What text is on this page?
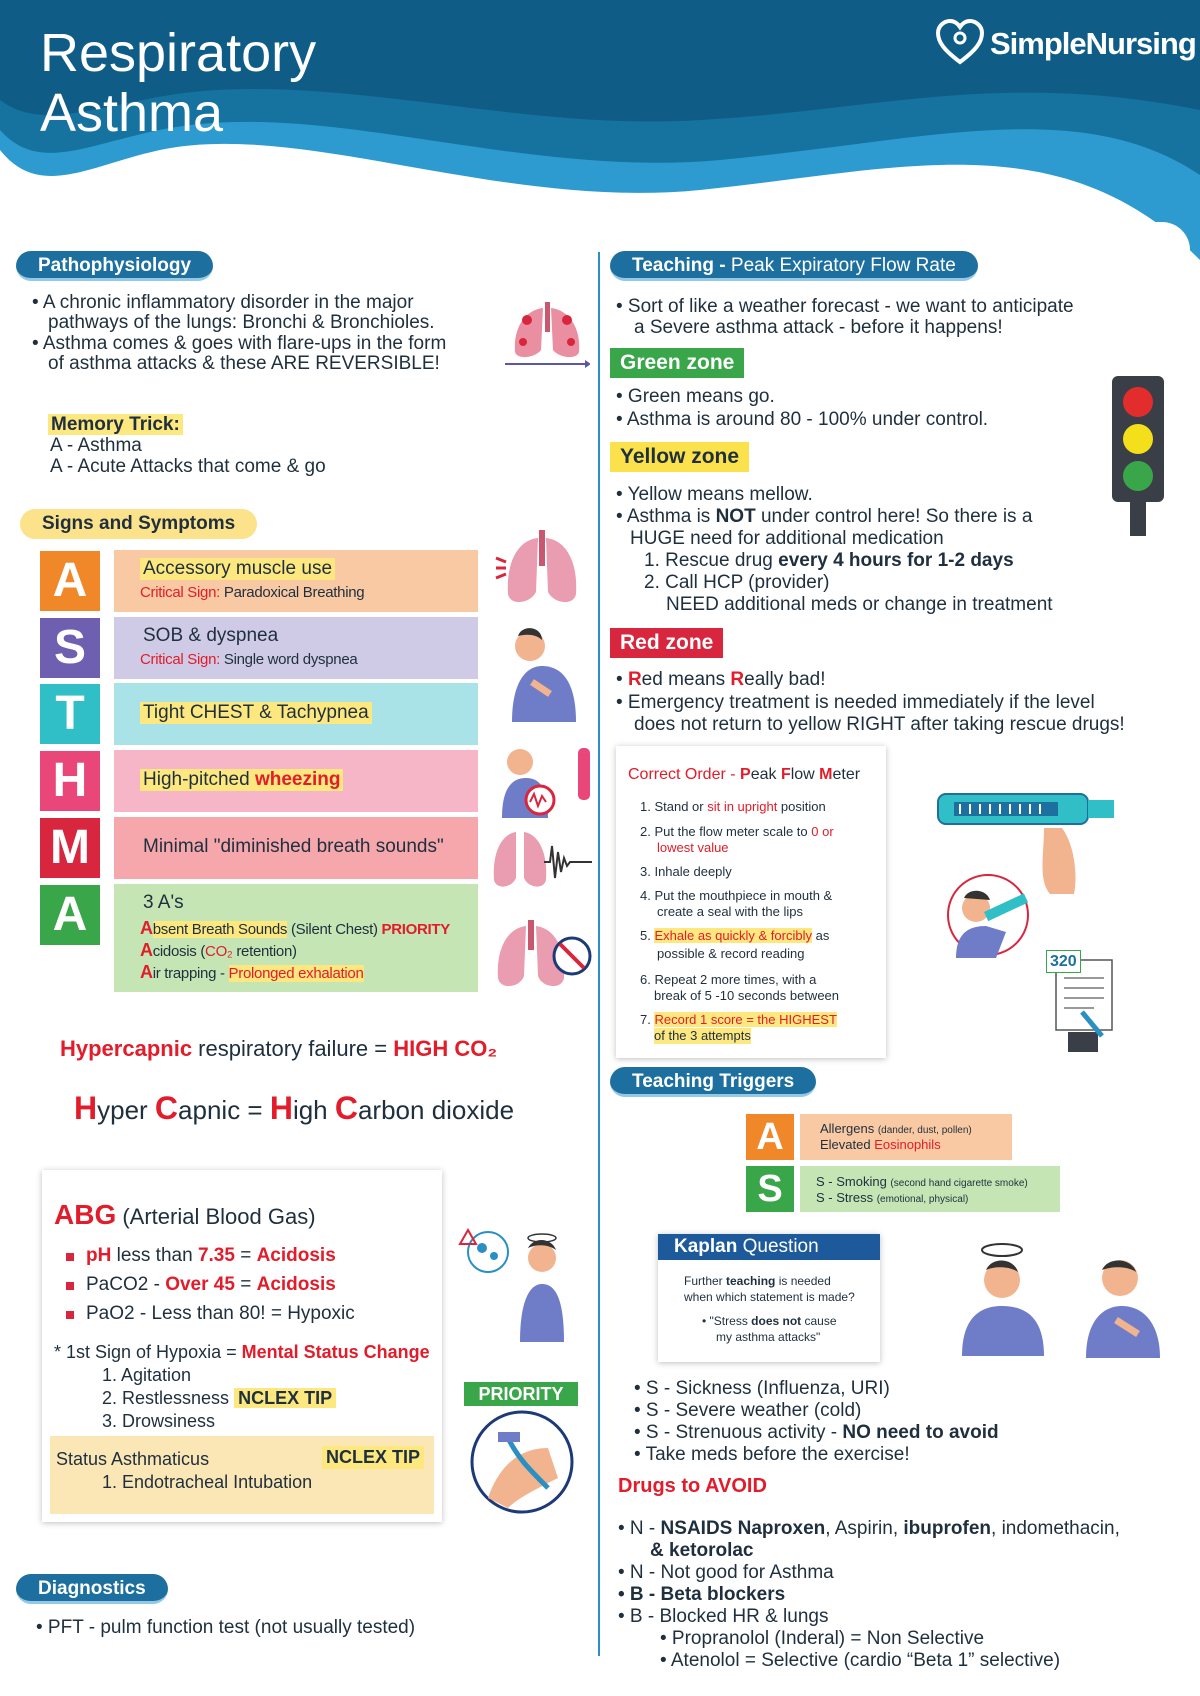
Respiratory
Asthma
SimpleNursing
Pathophysiology
• A chronic inflammatory disorder in the major
pathways of the lungs: Bronchi & Bronchioles.
• Asthma comes & goes with flare-ups in the form
of asthma attacks & these ARE REVERSIBLE!
Memory Trick:
A - Asthma
A - Acute Attacks that come & go
Signs and Symptoms
A	Accessory muscle use
Critical Sign: Paradoxical Breathing
S	SOB & dyspnea
Critical Sign: Single word dyspnea
T	Tight CHEST & Tachypnea
H	High-pitched wheezing
M	Minimal "diminished breath sounds"
A	3 A's
Absent Breath Sounds (Silent Chest) PRIORITY
Acidosis (CO₂ retention)
Air trapping - Prolonged exhalation
Hypercapnic respiratory failure = HIGH CO₂
Hyper Capnic = High Carbon dioxide
ABG (Arterial Blood Gas)
pH less than 7.35 = Acidosis
PaCO2 - Over 45 = Acidosis
PaO2 - Less than 80! = Hypoxic
* 1st Sign of Hypoxia = Mental Status Change
1. Agitation
2. Restlessness NCLEX TIP
3. Drowsiness
Status Asthmaticus	NCLEX TIP
1. Endotracheal Intubation
PRIORITY
Diagnostics
• PFT - pulm function test (not usually tested)
Teaching - Peak Expiratory Flow Rate
• Sort of like a weather forecast - we want to anticipate
a Severe asthma attack - before it happens!
Green zone
• Green means go.
• Asthma is around 80 - 100% under control.
Yellow zone
• Yellow means mellow.
• Asthma is NOT under control here! So there is a
HUGE need for additional medication
1. Rescue drug every 4 hours for 1-2 days
2. Call HCP (provider)
NEED additional meds or change in treatment
Red zone
• Red means Really bad!
• Emergency treatment is needed immediately if the level
does not return to yellow RIGHT after taking rescue drugs!
Correct Order - Peak Flow Meter
1. Stand or sit in upright position
2. Put the flow meter scale to 0 or
lowest value
3. Inhale deeply
4. Put the mouthpiece in mouth &
create a seal with the lips
5. Exhale as quickly & forcibly as
possible & record reading
6. Repeat 2 more times, with a
break of 5 -10 seconds between
7. Record 1 score = the HIGHEST
of the 3 attempts
320
Teaching Triggers
A	Allergens (dander, dust, pollen)
Elevated Eosinophils
S	S - Smoking (second hand cigarette smoke)
S - Stress (emotional, physical)
Kaplan Question
Further teaching is needed
when which statement is made?
• "Stress does not cause
my asthma attacks"
• S - Sickness (Influenza, URI)
• S - Severe weather (cold)
• S - Strenuous activity - NO need to avoid
• Take meds before the exercise!
Drugs to AVOID
• N - NSAIDS Naproxen, Aspirin, ibuprofen, indomethacin,
& ketorolac
• N - Not good for Asthma
• B - Beta blockers
• B - Blocked HR & lungs
• Propranolol (Inderal) = Non Selective
• Atenolol = Selective (cardio “Beta 1” selective)
